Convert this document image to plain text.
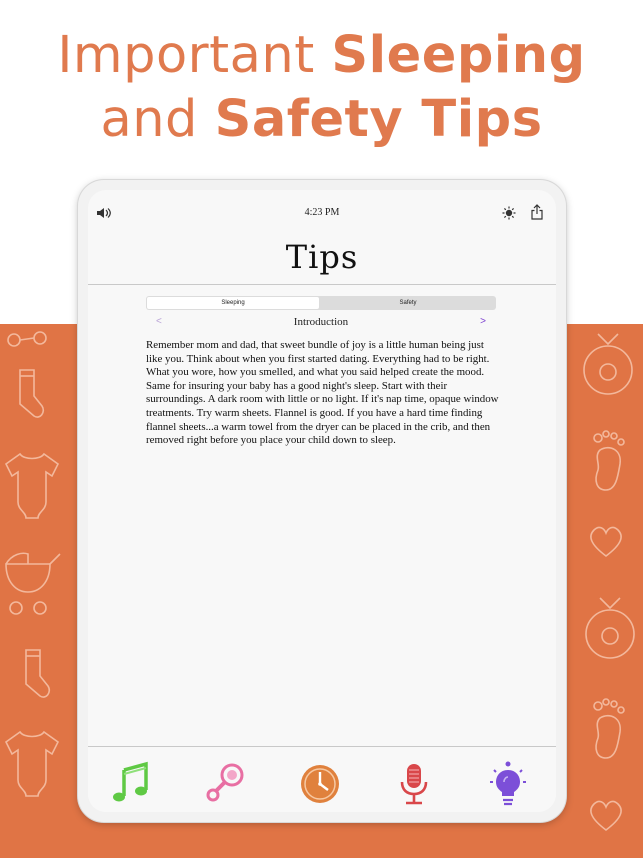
Important Sleeping
and Safety Tips
4:23 PM
Tips
Sleeping	Safety
<	Introduction	>
Remember mom and dad, that sweet bundle of joy is a little human being just like you. Think about when you first started dating. Everything had to be right. What you wore, how you smelled, and what you said helped create the mood. Same for insuring your baby has a good night's sleep. Start with their surroundings. A dark room with little or no light. If it's nap time, opaque window treatments. Try warm sheets. Flannel is good. If you have a hard time finding flannel sheets...a warm towel from the dryer can be placed in the crib, and then removed right before you place your child down to sleep.
